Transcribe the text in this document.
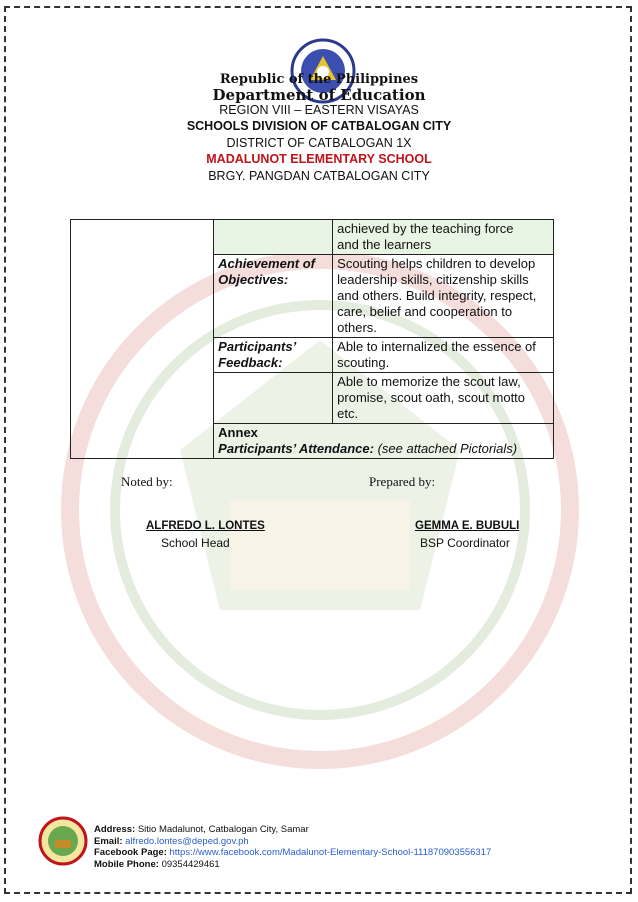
Republic of the Philippines
Department of Education
REGION VIII – EASTERN VISAYAS
SCHOOLS DIVISION OF CATBALOGAN CITY
DISTRICT OF CATBALOGAN 1X
MADALUNOT ELEMENTARY SCHOOL
BRGY. PANGDAN CATBALOGAN CITY

		achieved by the teaching force
and the learners

	Achievement of Objectives:	Scouting helps children to develop leadership skills, citizenship skills and others. Build integrity, respect, care, belief and cooperation to others.
	Participants’ Feedback:	Able to internalized the essence of scouting.
		Able to memorize the scout law, promise, scout oath, scout motto etc.

	Annex
Participants’ Attendance: (see attached Pictorials)	
Noted by:	Prepared by:
ALFREDO L. LONTES
School Head
GEMMA E. BUBULI
BSP Coordinator
Address: Sitio Madalunot, Catbalogan City, Samar
Email: alfredo.lontes@deped.gov.ph
Facebook Page: https://www.facebook.com/Madalunot-Elementary-School-111870903556317
Mobile Phone: 09354429461
